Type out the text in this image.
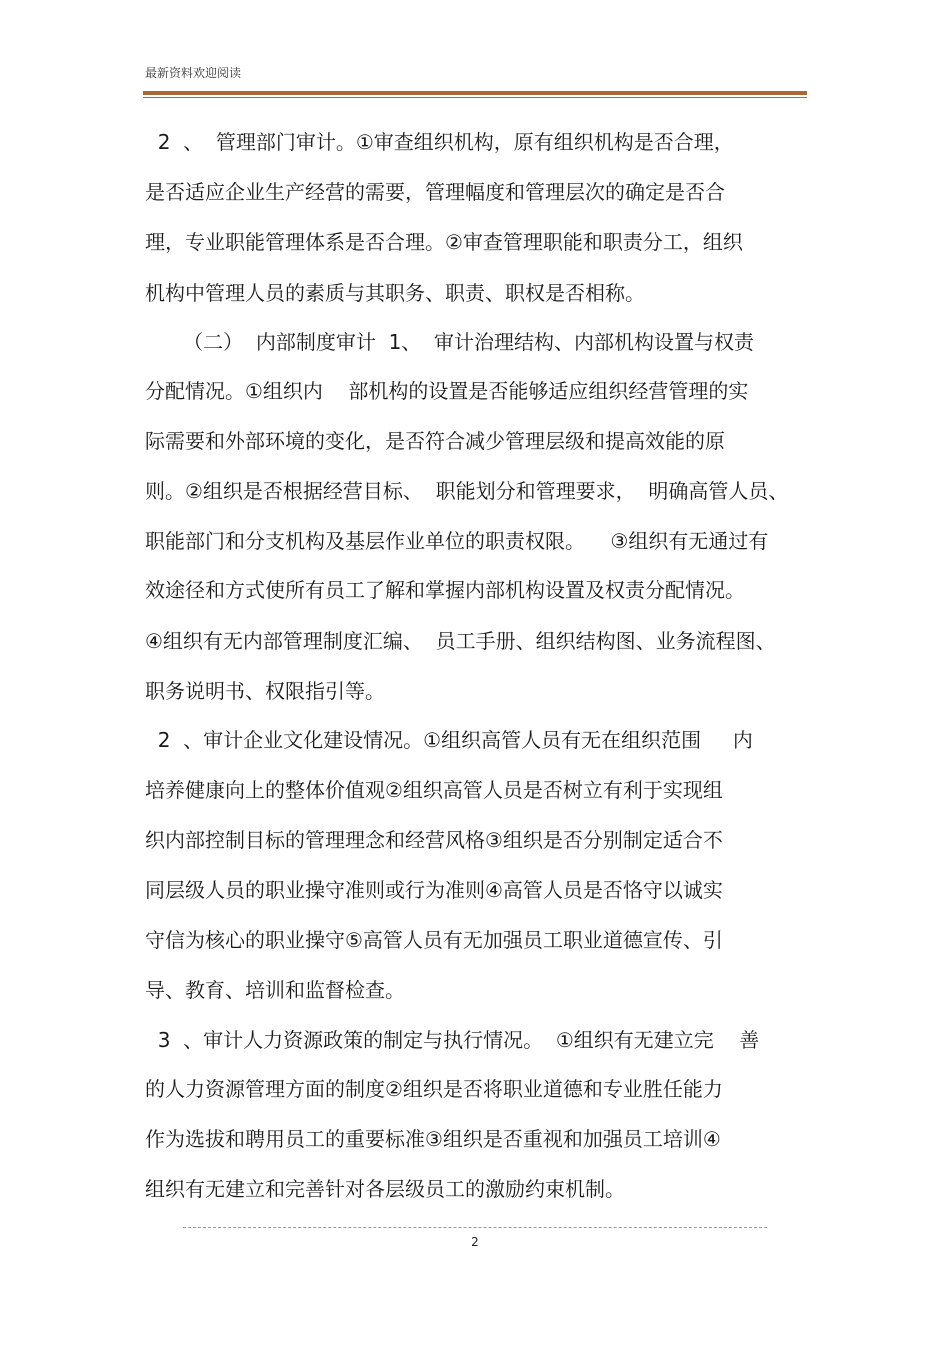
最新资料欢迎阅读
2  、  管理部门审计。①审查组织机构，原有组织机构是否合理，
是否适应企业生产经营的需要，管理幅度和管理层次的确定是否合
理，专业职能管理体系是否合理。②审查管理职能和职责分工，组织
机构中管理人员的素质与其职务、职责、职权是否相称。
（二）  内部制度审计  1、  审计治理结构、内部机构设置与权责
分配情况。①组织内    部机构的设置是否能够适应组织经营管理的实
际需要和外部环境的变化，是否符合减少管理层级和提高效能的原
则。②组织是否根据经营目标、  职能划分和管理要求，  明确高管人员、
职能部门和分支机构及基层作业单位的职责权限。    ③组织有无通过有
效途径和方式使所有员工了解和掌握内部机构设置及权责分配情况。
④组织有无内部管理制度汇编、  员工手册、组织结构图、业务流程图、
职务说明书、权限指引等。
2  、审计企业文化建设情况。①组织高管人员有无在组织范围     内
培养健康向上的整体价值观②组织高管人员是否树立有利于实现组
织内部控制目标的管理理念和经营风格③组织是否分别制定适合不
同层级人员的职业操守准则或行为准则④高管人员是否恪守以诚实
守信为核心的职业操守⑤高管人员有无加强员工职业道德宣传、引
导、教育、培训和监督检查。
3  、审计人力资源政策的制定与执行情况。  ①组织有无建立完    善
的人力资源管理方面的制度②组织是否将职业道德和专业胜任能力
作为选拔和聘用员工的重要标准③组织是否重视和加强员工培训④
组织有无建立和完善针对各层级员工的激励约束机制。
2
